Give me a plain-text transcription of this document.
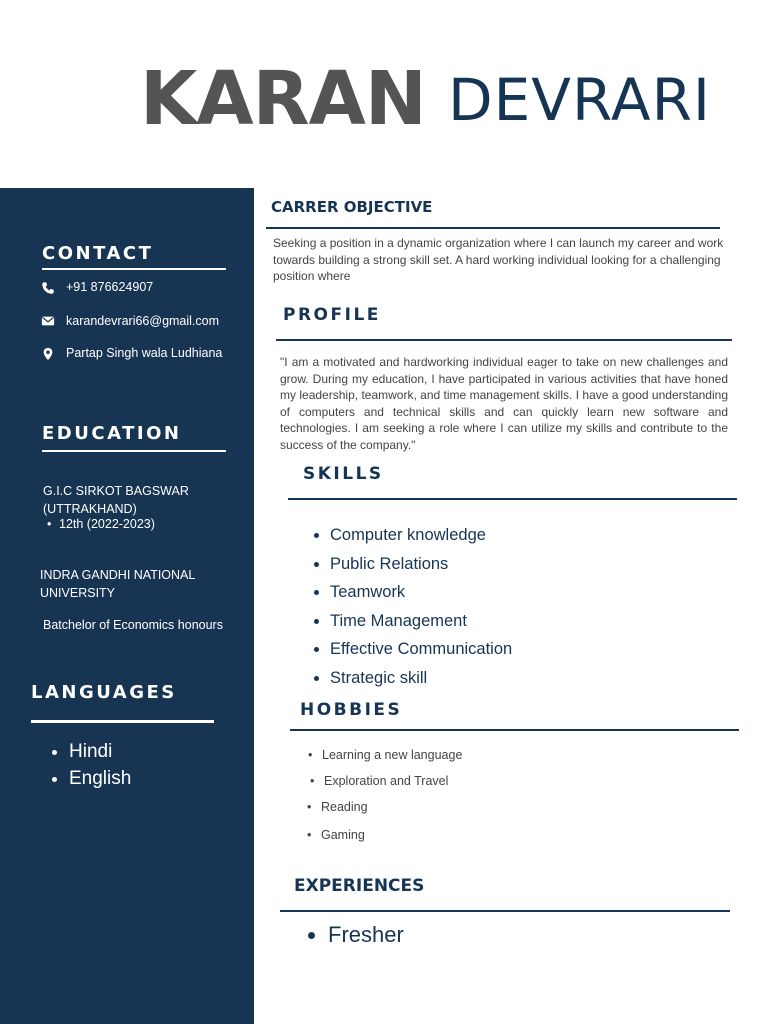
KARAN DEVRARI
CONTACT
+91 876624907
karandevrari66@gmail.com
Partap Singh wala Ludhiana
EDUCATION
G.I.C SIRKOT BAGSWAR
(UTTRAKHAND)
• 12th (2022-2023)
INDRA GANDHI NATIONAL
UNIVERSITY
Batchelor of Economics honours
LANGUAGES
• Hindi
• English
CARRER OBJECTIVE
Seeking a position in a dynamic organization where I can launch my career and work towards building a strong skill set. A hard working individual looking for a challenging position where
PROFILE
"I am a motivated and hardworking individual eager to take on new challenges and grow. During my education, I have participated in various activities that have honed my leadership, teamwork, and time management skills. I have a good understanding of computers and technical skills and can quickly learn new software and technologies. I am seeking a role where I can utilize my skills and contribute to the success of the company."
SKILLS
• Computer knowledge
• Public Relations
• Teamwork
• Time Management
• Effective Communication
• Strategic skill
HOBBIES
• Learning a new language
• Exploration and Travel
• Reading
• Gaming
EXPERIENCES
• Fresher
